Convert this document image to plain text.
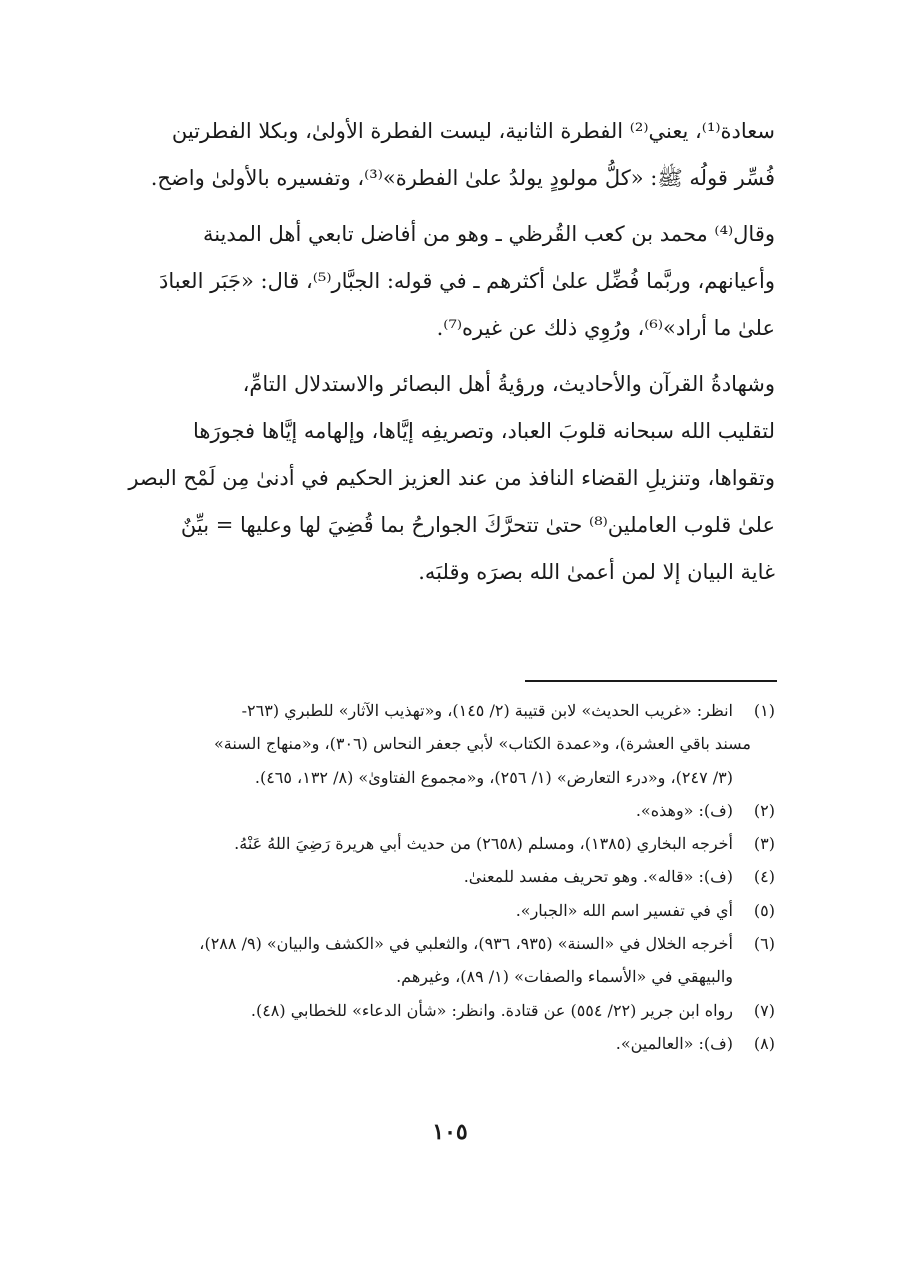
سعادة⁽¹⁾، يعني⁽²⁾ الفطرة الثانية، ليست الفطرة الأولىٰ، وبكلا الفطرتين
فُسِّر قولُه ﷺ: «كلُّ مولودٍ يولدُ علىٰ الفطرة»⁽³⁾، وتفسيره بالأولىٰ واضح.

وقال⁽⁴⁾ محمد بن كعب القُرظي ـ وهو من أفاضل تابعي أهل المدينة
وأعيانهم، وربَّما فُضِّل علىٰ أكثرهم ـ في قوله: الجبَّار⁽⁵⁾، قال: «جَبَر العبادَ
علىٰ ما أراد»⁽⁶⁾، ورُوِي ذلك عن غيره⁽⁷⁾.

وشهادةُ القرآن والأحاديث، ورؤيةُ أهل البصائر والاستدلال التامِّ،
لتقليب الله سبحانه قلوبَ العباد، وتصريفِه إيَّاها، وإلهامه إيَّاها فجورَها
وتقواها، وتنزيلِ القضاء النافذ من عند العزيز الحكيم في أدنىٰ مِن لَمْح البصر
علىٰ قلوب العاملين⁽⁸⁾ حتىٰ تتحرَّكَ الجوارحُ بما قُضِيَ لها وعليها = بيِّنٌ
غاية البيان إلا لمن أعمىٰ الله بصرَه وقلبَه.

(١)
انظر: «غريب الحديث» لابن قتيبة (٢/ ١٤٥)، و«تهذيب الآثار» للطبري (٢٦٣-
مسند باقي العشرة)، و«عمدة الكتاب» لأبي جعفر النحاس (٣٠٦)، و«منهاج السنة»
(٣/ ٢٤٧)، و«درء التعارض» (١/ ٢٥٦)، و«مجموع الفتاوىٰ» (٨/ ١٣٢، ٤٦٥).
(٢)
(ف): «وهذه».
(٣)
أخرجه البخاري (١٣٨٥)، ومسلم (٢٦٥٨) من حديث أبي هريرة رَضِيَ اللهُ عَنْهُ.
(٤)
(ف): «قاله». وهو تحريف مفسد للمعنىٰ.
(٥)
أي في تفسير اسم الله «الجبار».
(٦)
أخرجه الخلال في «السنة» (٩٣٥، ٩٣٦)، والثعلبي في «الكشف والبيان» (٩/ ٢٨٨)،
والبيهقي في «الأسماء والصفات» (١/ ٨٩)، وغيرهم.
(٧)
رواه ابن جرير (٢٢/ ٥٥٤) عن قتادة. وانظر: «شأن الدعاء» للخطابي (٤٨).
(٨)
(ف): «العالمين».
١٠٥
